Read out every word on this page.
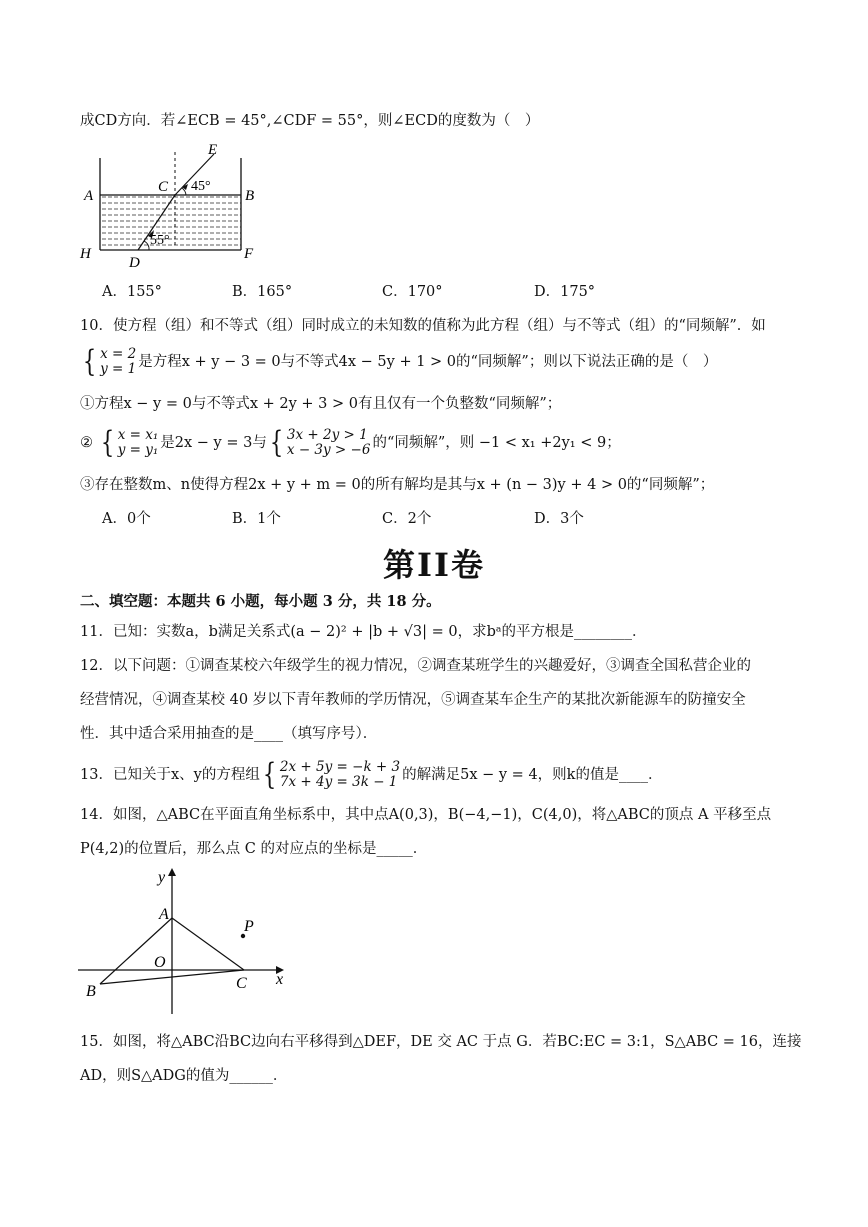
成CD方向．若∠ECB = 45°,∠CDF = 55°，则∠ECD的度数为（　）
E
A
C 45°
B
55°
H	F
D
A．155°	B．165°	C．170°	D．175°
10．使方程（组）和不等式（组）同时成立的未知数的值称为此方程（组）与不等式（组）的“同频解”．如
{ x = 2
y = 1 是方程x + y − 3 = 0与不等式4x − 5y + 1 > 0的“同频解”；则以下说法正确的是（　）
①方程x − y = 0与不等式x + 2y + 3 > 0有且仅有一个负整数“同频解”；
② { x = x₁
y = y₁ 是2x − y = 3与{ 3x + 2y > 1
x − 3y > −6 的“同频解”，则 −1 < x₁ +2y₁ < 9；
③存在整数m、n使得方程2x + y + m = 0的所有解均是其与x + (n − 3)y + 4 > 0的“同频解”；
A．0个	B．1个	C．2个	D．3个
第II卷
二、填空题：本题共 6 小题，每小题 3 分，共 18 分。
11．已知：实数a，b满足关系式(a − 2)² + |b + √3| = 0，求bᵃ的平方根是________．
12．以下问题：①调查某校六年级学生的视力情况，②调查某班学生的兴趣爱好，③调查全国私营企业的
经营情况，④调查某校 40 岁以下青年教师的学历情况，⑤调查某车企生产的某批次新能源车的防撞安全
性．其中适合采用抽查的是____（填写序号）．
13．已知关于x、y的方程组{ 2x + 5y = −k + 3
7x + 4y = 3k − 1 的解满足5x − y = 4，则k的值是____．
14．如图，△ABC在平面直角坐标系中，其中点A(0,3)，B(−4,−1)，C(4,0)，将△ABC的顶点 A 平移至点
P(4,2)的位置后，那么点 C 的对应点的坐标是_____．
y
A
P
O
x
B	C
15．如图，将△ABC沿BC边向右平移得到△DEF，DE 交 AC 于点 G．若BC:EC = 3:1，S△ABC = 16，连接
AD，则S△ADG的值为______．
